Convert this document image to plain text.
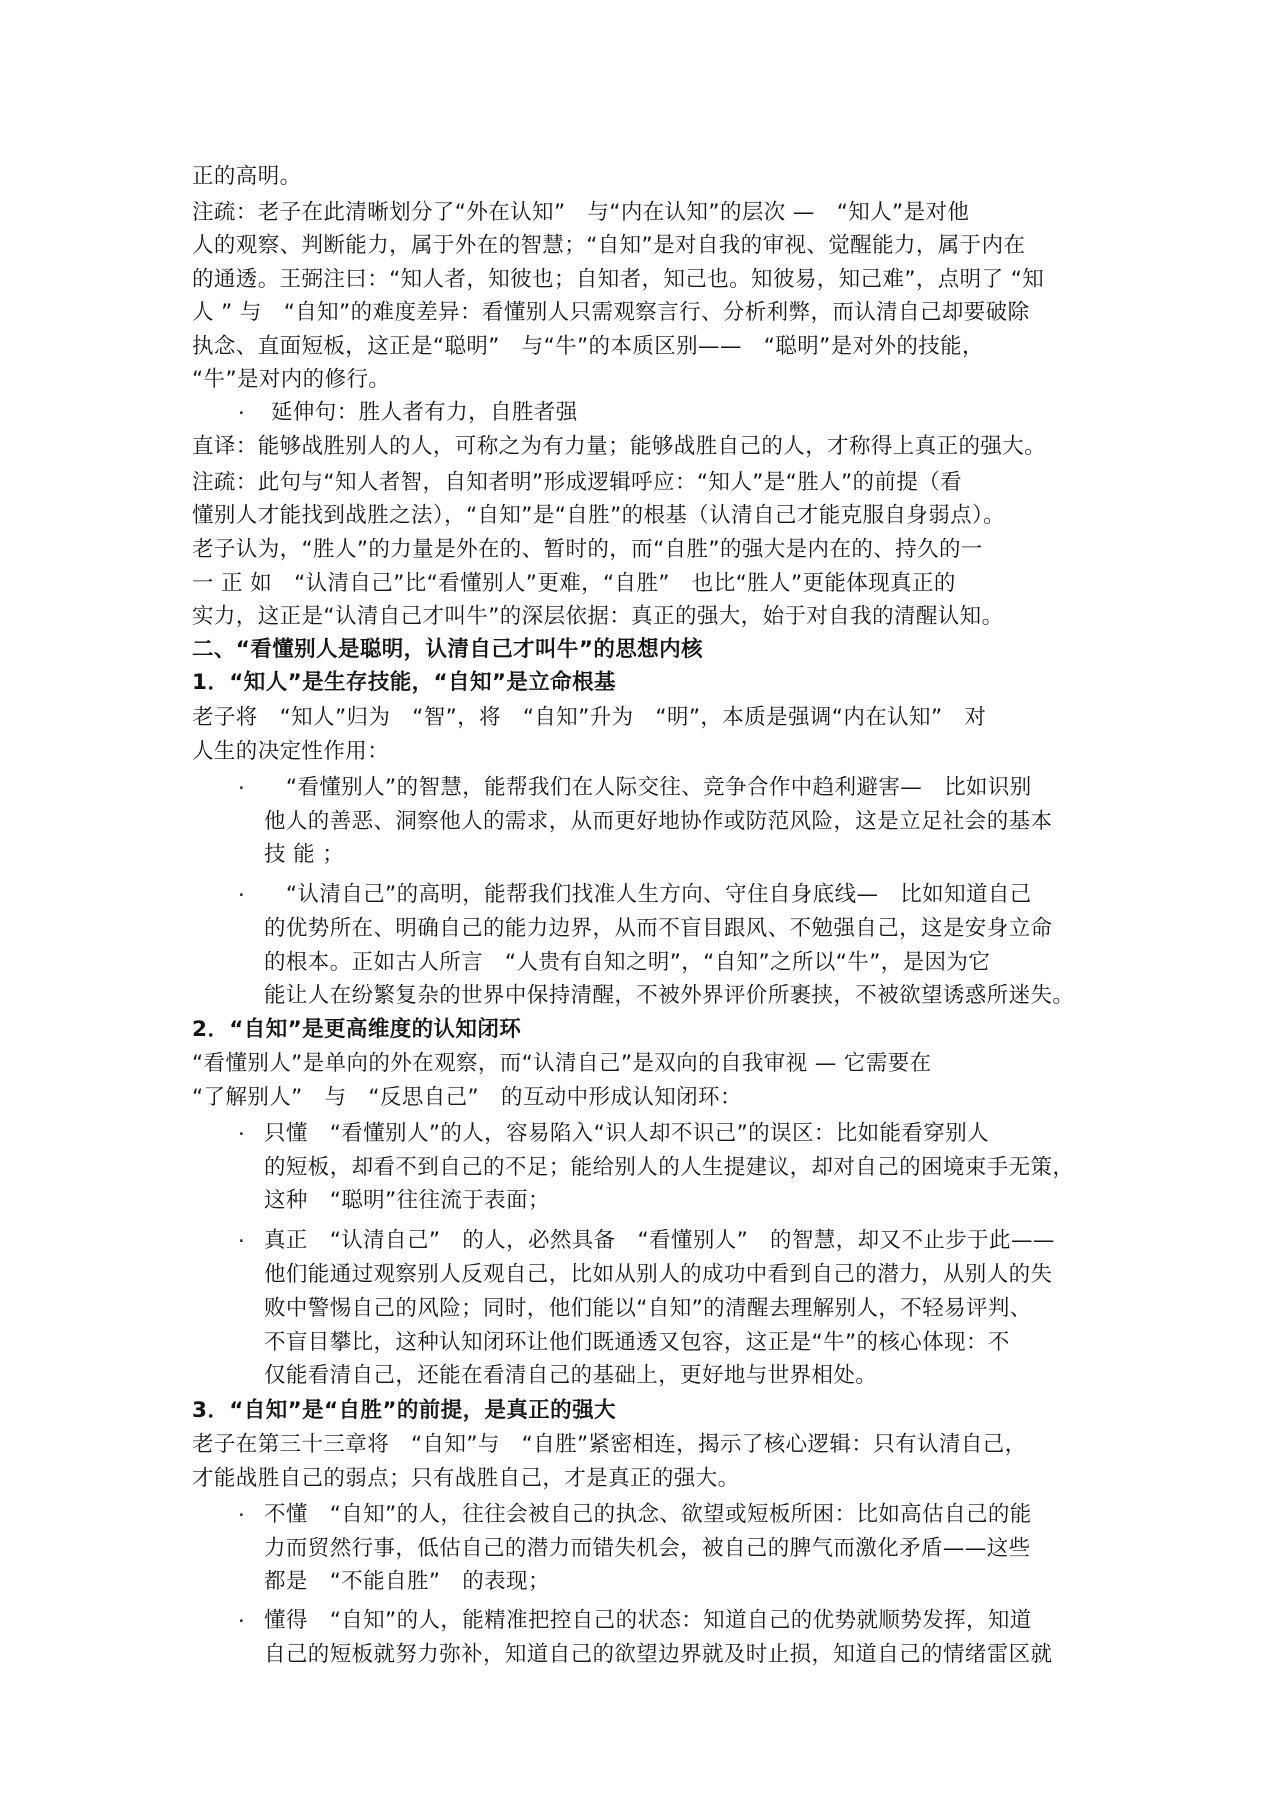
正的高明。
注疏：老子在此清晰划分了“外在认知”　与“内在认知”的层次 —　“知人”是对他
人的观察、判断能力，属于外在的智慧；“自知”是对自我的审视、觉醒能力，属于内在
的通透。王弼注曰：“知人者，知彼也；自知者，知己也。知彼易，知己难”，点明了 “知
人 ” 与　“自知”的难度差异：看懂别人只需观察言行、分析利弊，而认清自己却要破除
执念、直面短板，这正是“聪明”　与“牛”的本质区别——　“聪明”是对外的技能，
“牛”是对内的修行。
· 延伸句：胜人者有力，自胜者强
直译：能够战胜别人的人，可称之为有力量；能够战胜自己的人，才称得上真正的强大。
注疏：此句与“知人者智，自知者明”形成逻辑呼应：“知人”是“胜人”的前提（看
懂别人才能找到战胜之法），“自知”是“自胜”的根基（认清自己才能克服自身弱点）。
老子认为，“胜人”的力量是外在的、暂时的，而“自胜”的强大是内在的、持久的一
一 正 如　“认清自己”比“看懂别人”更难，“自胜”　也比“胜人”更能体现真正的
实力，这正是“认清自己才叫牛”的深层依据：真正的强大，始于对自我的清醒认知。
二、“看懂别人是聪明，认清自己才叫牛”的思想内核
1．“知人”是生存技能，“自知”是立命根基
老子将　“知人”归为　“智”，将　“自知”升为　“明”，本质是强调“内在认知”　对
人生的决定性作用：
· 　“看懂别人”的智慧，能帮我们在人际交往、竞争合作中趋利避害—　比如识别
他人的善恶、洞察他人的需求，从而更好地协作或防范风险，这是立足社会的基本
技 能 ；
· 　“认清自己”的高明，能帮我们找准人生方向、守住自身底线—　比如知道自己
的优势所在、明确自己的能力边界，从而不盲目跟风、不勉强自己，这是安身立命
的根本。正如古人所言　“人贵有自知之明”，“自知”之所以“牛”，是因为它
能让人在纷繁复杂的世界中保持清醒，不被外界评价所裹挟，不被欲望诱惑所迷失。
2．“自知”是更高维度的认知闭环
“看懂别人”是单向的外在观察，而“认清自己”是双向的自我审视 — 它需要在
“了解别人”　与　“反思自己”　的互动中形成认知闭环：
· 只懂　“看懂别人”的人，容易陷入“识人却不识己”的误区：比如能看穿别人
的短板，却看不到自己的不足；能给别人的人生提建议，却对自己的困境束手无策，
这种　“聪明”往往流于表面；
· 真正　“认清自己”　的人，必然具备　“看懂别人”　的智慧，却又不止步于此——
他们能通过观察别人反观自己，比如从别人的成功中看到自己的潜力，从别人的失
败中警惕自己的风险；同时，他们能以“自知”的清醒去理解别人，不轻易评判、
不盲目攀比，这种认知闭环让他们既通透又包容，这正是“牛”的核心体现：不
仅能看清自己，还能在看清自己的基础上，更好地与世界相处。
3．“自知”是“自胜”的前提，是真正的强大
老子在第三十三章将　“自知”与　“自胜”紧密相连，揭示了核心逻辑：只有认清自己，
才能战胜自己的弱点；只有战胜自己，才是真正的强大。
· 不懂　“自知”的人，往往会被自己的执念、欲望或短板所困：比如高估自己的能
力而贸然行事，低估自己的潜力而错失机会，被自己的脾气而激化矛盾——这些
都是　“不能自胜”　的表现；
· 懂得　“自知”的人，能精准把控自己的状态：知道自己的优势就顺势发挥，知道
自己的短板就努力弥补，知道自己的欲望边界就及时止损，知道自己的情绪雷区就
